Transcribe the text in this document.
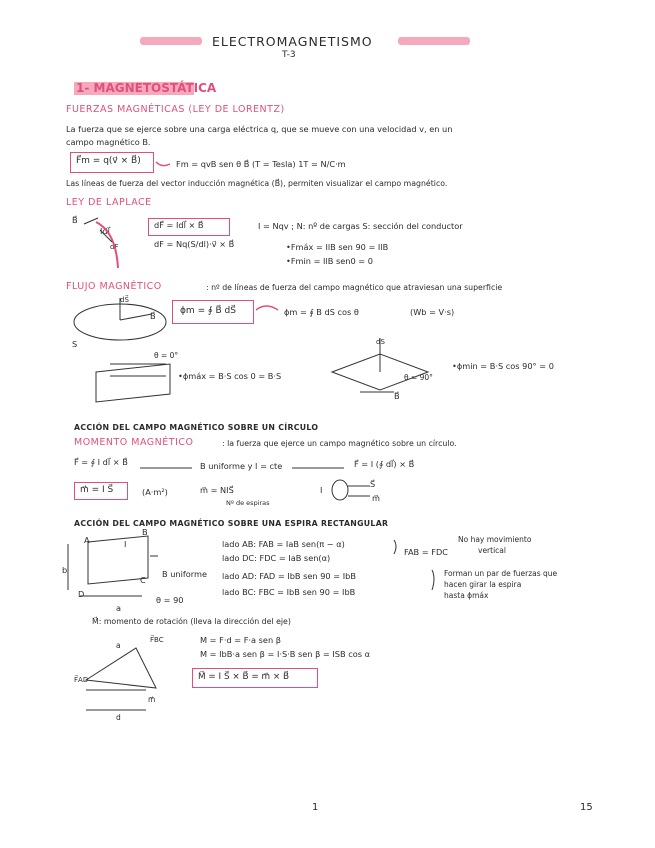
ELECTROMAGNETISMO
T-3
1- MAGNETOSTÁTICA
FUERZAS MAGNÉTICAS (LEY DE LORENTZ)
La fuerza que se ejerce sobre una carga eléctrica q, que se mueve con una velocidad v, en un
campo magnético B.
F⃗m = q(v⃗ × B⃗)	Fm = qvB sen θ B⃗ (T = Tesla) 1T = N/C·m
Las líneas de fuerza del vector inducción magnética (B⃗), permiten visualizar el campo magnético.
LEY DE LAPLACE
B⃗
Idl⃗
dF
dF⃗ = Idl⃗ × B⃗
dF = Nq(S/dl)·v⃗ × B⃗
I = Nqv ; N: nº de cargas S: sección del conductor
•Fmáx = IlB sen 90 = IlB
•Fmin = IlB sen0 = 0
FLUJO MAGNÉTICO	: nº de líneas de fuerza del campo magnético que atraviesan una superficie
dS⃗
B⃗
S
ϕm = ∮ B⃗ dS⃗	ϕm = ∮ B dS cos θ	(Wb = V·s)
θ = 0°
•ϕmáx = B·S cos 0 = B·S
dS
B⃗
θ = 90°
•ϕmin = B·S cos 90° = 0
ACCIÓN DEL CAMPO MAGNÉTICO SOBRE UN CÍRCULO
MOMENTO MAGNÉTICO	: la fuerza que ejerce un campo magnético sobre un círculo.
F⃗ = ∮ I dl⃗ × B⃗	B uniforme y I = cte	F⃗ = I (∮ dl⃗) × B⃗
m⃗ = I S⃗	(A·m²)	m⃗ = NIS⃗
Nº de espiras
I
S⃗
m⃗
ACCIÓN DEL CAMPO MAGNÉTICO SOBRE UNA ESPIRA RECTANGULAR
A
B
I
C
D
b
a
B uniforme
θ = 90
lado AB: FAB = IaB sen(π − α)
lado DC: FDC = IaB sen(α)
FAB = FDC
No hay movimiento
vertical
lado AD: FAD = IbB sen 90 = IbB
lado BC: FBC = IbB sen 90 = IbB
Forman un par de fuerzas que
hacen girar la espira
hasta ϕmáx
M⃗: momento de rotación (lleva la dirección del eje)
M = F·d = F·a sen β
M = IbB·a sen β = I·S·B sen β = ISB cos α
M⃗ = I S⃗ × B⃗ = m⃗ × B⃗
F⃗BC
F⃗AD
a
m⃗
d
1	15
